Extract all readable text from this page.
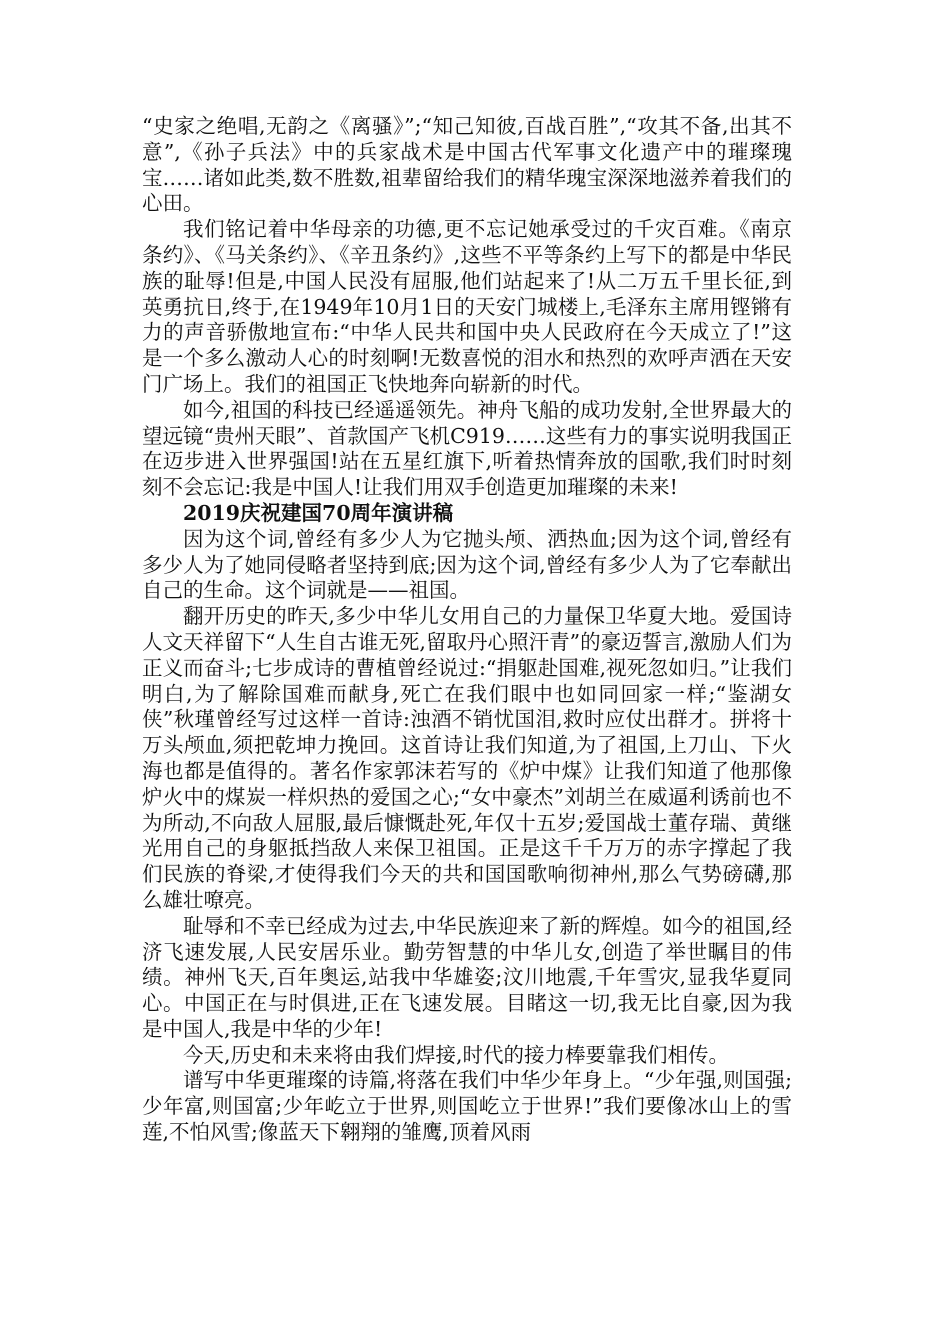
“史家之绝唱,无韵之《离骚》”;“知己知彼,百战百胜”,“攻其不备,出其不意”,《孙子兵法》中的兵家战术是中国古代军事文化遗产中的璀璨瑰宝……诸如此类,数不胜数,祖辈留给我们的精华瑰宝深深地滋养着我们的心田。

我们铭记着中华母亲的功德,更不忘记她承受过的千灾百难。《南京条约》、《马关条约》、《辛丑条约》,这些不平等条约上写下的都是中华民族的耻辱!但是,中国人民没有屈服,他们站起来了!从二万五千里长征,到英勇抗日,终于,在1949年10月1日的天安门城楼上,毛泽东主席用铿锵有力的声音骄傲地宣布:“中华人民共和国中央人民政府在今天成立了!”这是一个多么激动人心的时刻啊!无数喜悦的泪水和热烈的欢呼声洒在天安门广场上。我们的祖国正飞快地奔向崭新的时代。

如今,祖国的科技已经遥遥领先。神舟飞船的成功发射,全世界最大的望远镜“贵州天眼”、首款国产飞机C919……这些有力的事实说明我国正在迈步进入世界强国!站在五星红旗下,听着热情奔放的国歌,我们时时刻刻不会忘记:我是中国人!让我们用双手创造更加璀璨的未来!

2019庆祝建国70周年演讲稿

因为这个词,曾经有多少人为它抛头颅、洒热血;因为这个词,曾经有多少人为了她同侵略者坚持到底;因为这个词,曾经有多少人为了它奉献出自己的生命。这个词就是——祖国。

翻开历史的昨天,多少中华儿女用自己的力量保卫华夏大地。爱国诗人文天祥留下“人生自古谁无死,留取丹心照汗青”的豪迈誓言,激励人们为正义而奋斗;七步成诗的曹植曾经说过:“捐躯赴国难,视死忽如归。”让我们明白,为了解除国难而献身,死亡在我们眼中也如同回家一样;“鉴湖女侠”秋瑾曾经写过这样一首诗:浊酒不销忧国泪,救时应仗出群才。拼将十万头颅血,须把乾坤力挽回。这首诗让我们知道,为了祖国,上刀山、下火海也都是值得的。著名作家郭沫若写的《炉中煤》让我们知道了他那像炉火中的煤炭一样炽热的爱国之心;“女中豪杰”刘胡兰在威逼利诱前也不为所动,不向敌人屈服,最后慷慨赴死,年仅十五岁;爱国战士董存瑞、黄继光用自己的身躯抵挡敌人来保卫祖国。正是这千千万万的赤字撑起了我们民族的脊梁,才使得我们今天的共和国国歌响彻神州,那么气势磅礴,那么雄壮嘹亮。

耻辱和不幸已经成为过去,中华民族迎来了新的辉煌。如今的祖国,经济飞速发展,人民安居乐业。勤劳智慧的中华儿女,创造了举世瞩目的伟绩。神州飞天,百年奥运,站我中华雄姿;汶川地震,千年雪灾,显我华夏同心。中国正在与时俱进,正在飞速发展。目睹这一切,我无比自豪,因为我是中国人,我是中华的少年!

今天,历史和未来将由我们焊接,时代的接力棒要靠我们相传。

谱写中华更璀璨的诗篇,将落在我们中华少年身上。“少年强,则国强;少年富,则国富;少年屹立于世界,则国屹立于世界!”我们要像冰山上的雪莲,不怕风雪;像蓝天下翱翔的雏鹰,顶着风雨
